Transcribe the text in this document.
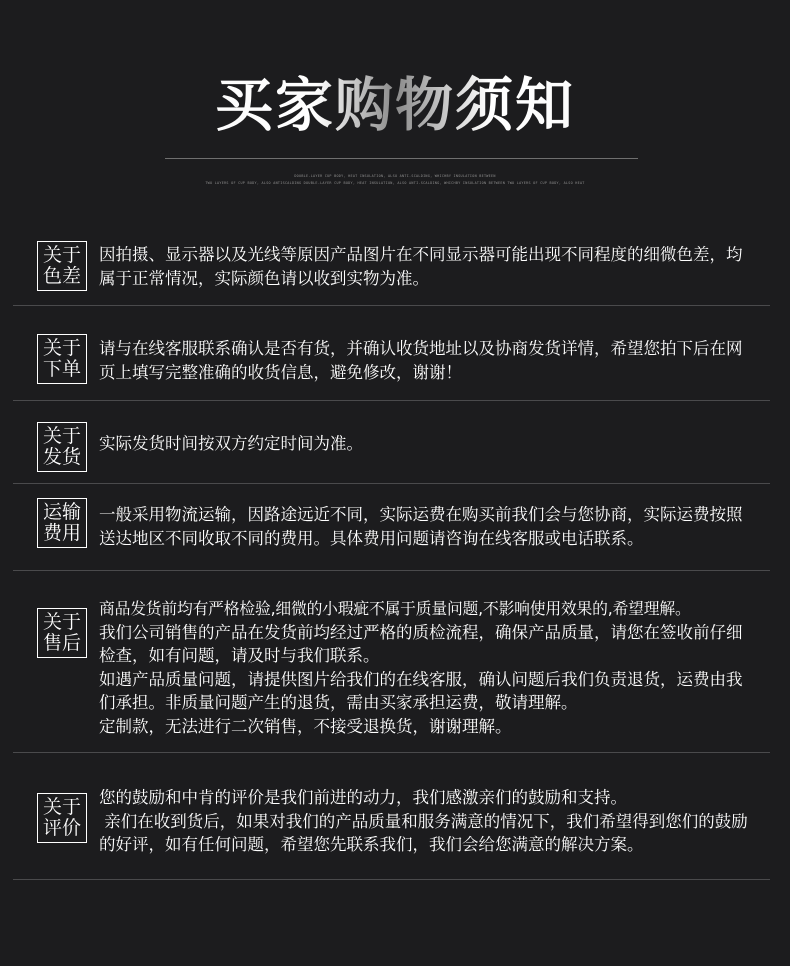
买家购物须知
DOUBLE-LAYER CUP BODY, HEAT INSULATION, ALSO ANTI-SCALDING, WHICHBY INSULATION BETWEEN
TWO LAYERS OF CUP BODY, ALSO ANTISCALDING DOUBLE-LAYER CUP BODY, HEAT INSULATION, ALSO ANTI-SCALDING, WHICHBY INSULATION BETWEEN TWO LAYERS OF CUP BODY, ALSO HEAT
关于
色差

因拍摄、显示器以及光线等原因产品图片在不同显示器可能出现不同程度的细微色差，均属于正常情况，实际颜色请以收到实物为准。

关于
下单

请与在线客服联系确认是否有货，并确认收货地址以及协商发货详情，希望您拍下后在网页上填写完整准确的收货信息，避免修改，谢谢！

关于
发货

实际发货时间按双方约定时间为准。

运输
费用

一般采用物流运输，因路途远近不同，实际运费在购买前我们会与您协商，实际运费按照送达地区不同收取不同的费用。具体费用问题请咨询在线客服或电话联系。

关于
售后

商品发货前均有严格检验,细微的小瑕疵不属于质量问题,不影响使用效果的,希望理解。

我们公司销售的产品在发货前均经过严格的质检流程，确保产品质量，请您在签收前仔细检查，如有问题，请及时与我们联系。

如遇产品质量问题，请提供图片给我们的在线客服，确认问题后我们负责退货，运费由我们承担。非质量问题产生的退货，需由买家承担运费，敬请理解。

定制款，无法进行二次销售，不接受退换货，谢谢理解。

关于
评价

您的鼓励和中肯的评价是我们前进的动力，我们感激亲们的鼓励和支持。

亲们在收到货后，如果对我们的产品质量和服务满意的情况下，我们希望得到您们的鼓励的好评，如有任何问题，希望您先联系我们，我们会给您满意的解决方案。
